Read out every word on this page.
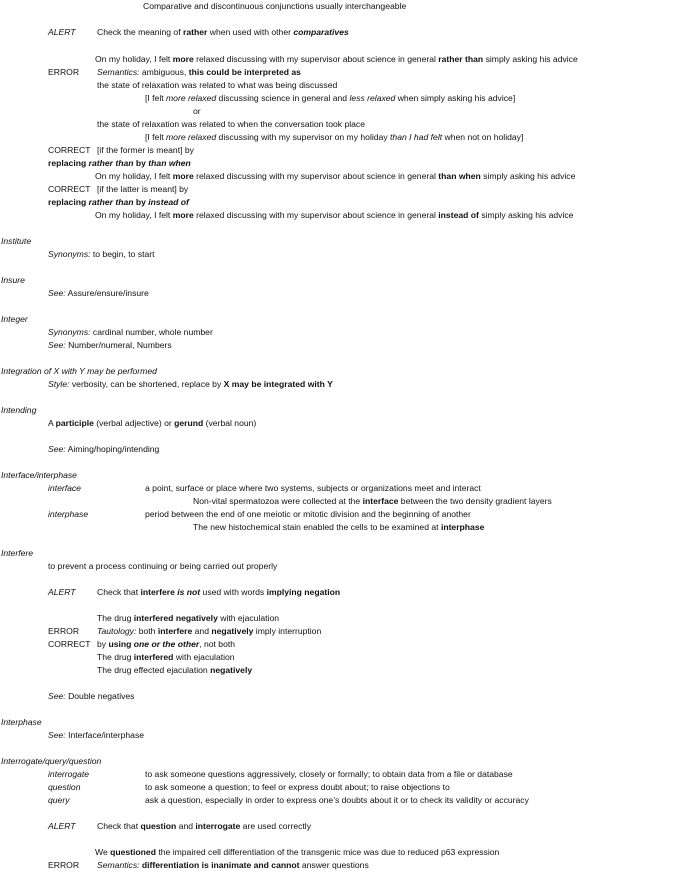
Comparative and discontinuous conjunctions usually interchangeable
ALERT Check the meaning of rather when used with other comparatives
On my holiday, I felt more relaxed discussing with my supervisor about science in general rather than simply asking his advice
ERROR Semantics: ambiguous, this could be interpreted as
the state of relaxation was related to what was being discussed
[I felt more relaxed discussing science in general and less relaxed when simply asking his advice]
or
the state of relaxation was related to when the conversation took place
[I felt more relaxed discussing with my supervisor on my holiday than I had felt when not on holiday]
CORRECT [if the former is meant] by
replacing rather than by than when
On my holiday, I felt more relaxed discussing with my supervisor about science in general than when simply asking his advice
CORRECT [if the latter is meant] by
replacing rather than by instead of
On my holiday, I felt more relaxed discussing with my supervisor about science in general instead of simply asking his advice
Institute
Synonyms: to begin, to start
Insure
See: Assure/ensure/insure
Integer
Synonyms: cardinal number, whole number
See: Number/numeral, Numbers
Integration of X with Y may be performed
Style: verbosity, can be shortened, replace by X may be integrated with Y
Intending
A participle (verbal adjective) or gerund (verbal noun)
See: Aiming/hoping/intending
Interface/interphase
interface	a point, surface or place where two systems, subjects or organizations meet and interact
Non-vital spermatozoa were collected at the interface between the two density gradient layers
interphase	period between the end of one meiotic or mitotic division and the beginning of another
The new histochemical stain enabled the cells to be examined at interphase
Interfere
to prevent a process continuing or being carried out properly
ALERT Check that interfere is not used with words implying negation
The drug interfered negatively with ejaculation
ERROR Tautology: both interfere and negatively imply interruption
CORRECT by using one or the other, not both
The drug interfered with ejaculation
The drug effected ejaculation negatively
See: Double negatives
Interphase
See: Interface/interphase
Interrogate/query/question
interrogate	to ask someone questions aggressively, closely or formally; to obtain data from a file or database
question	to ask someone a question; to feel or express doubt about; to raise objections to
query	ask a question, especially in order to express one’s doubts about it or to check its validity or accuracy
ALERT Check that question and interrogate are used correctly
We questioned the impaired cell differentiation of the transgenic mice was due to reduced p63 expression
ERROR Semantics: differentiation is inanimate and cannot answer questions
